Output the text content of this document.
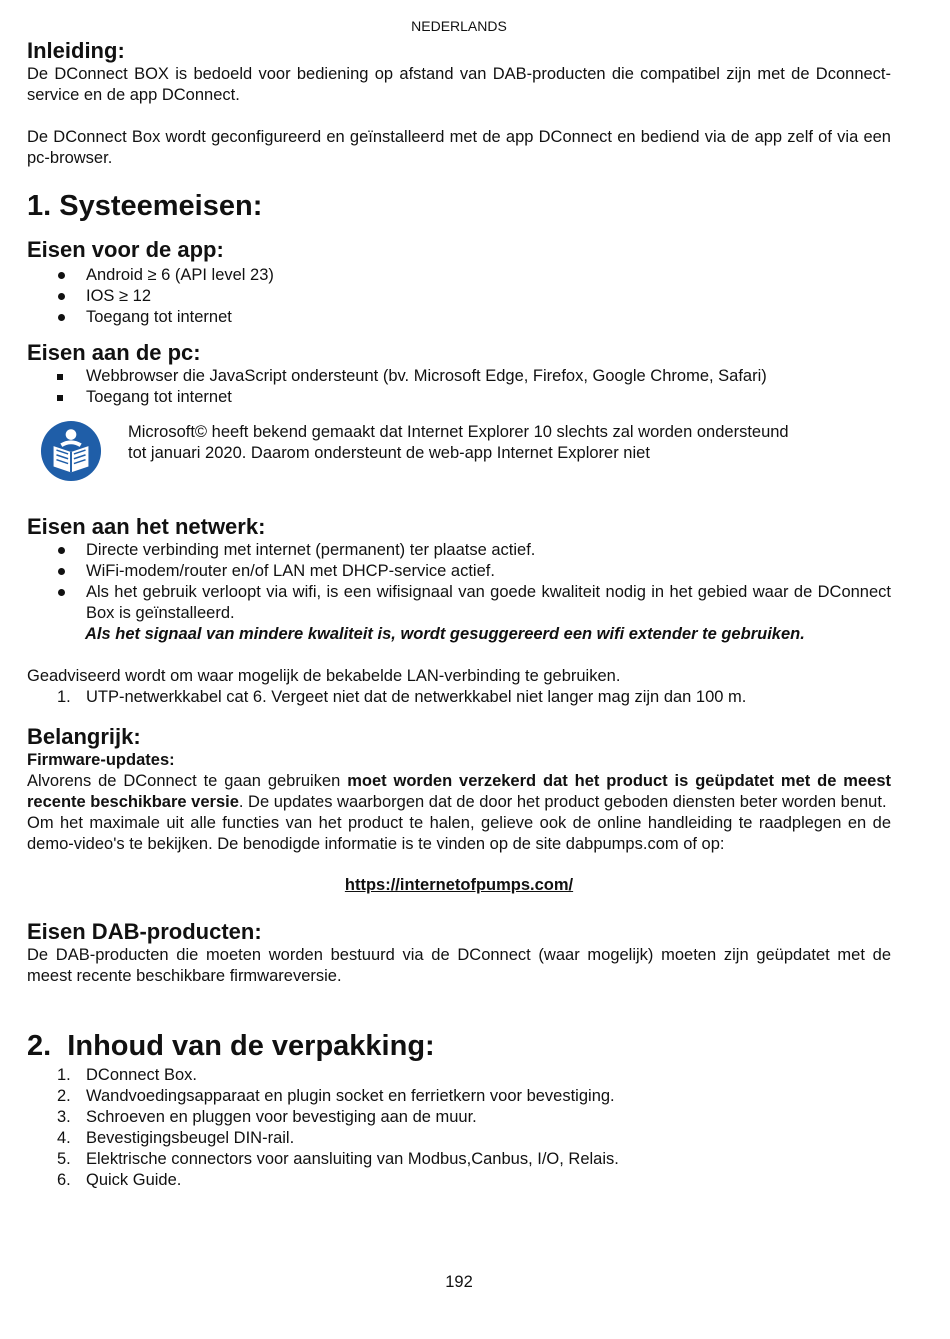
NEDERLANDS
Inleiding:

De DConnect BOX is bedoeld voor bediening op afstand van DAB-producten die compatibel zijn met de Dconnect-service en de app DConnect.

De DConnect Box wordt geconfigureerd en geïnstalleerd met de app DConnect en bediend via de app zelf of via een pc-browser.

1. Systeemeisen:
Eisen voor de app:
Android ≥ 6 (API level 23)
IOS ≥ 12
Toegang tot internet
Eisen aan de pc:
Webbrowser die JavaScript ondersteunt (bv. Microsoft Edge, Firefox, Google Chrome, Safari)
Toegang tot internet
Microsoft© heeft bekend gemaakt dat Internet Explorer 10 slechts zal worden ondersteund
tot januari 2020. Daarom ondersteunt de web-app Internet Explorer niet
Eisen aan het netwerk:
Directe verbinding met internet (permanent) ter plaatse actief.
WiFi-modem/router en/of LAN met DHCP-service actief.
Als het gebruik verloopt via wifi, is een wifisignaal van goede kwaliteit nodig in het gebied waar de DConnect Box is geïnstalleerd.
Als het signaal van mindere kwaliteit is, wordt gesuggereerd een wifi extender te gebruiken.

Geadviseerd wordt om waar mogelijk de bekabelde LAN-verbinding te gebruiken.

1. UTP-netwerkkabel cat 6. Vergeet niet dat de netwerkkabel niet langer mag zijn dan 100 m.
Belangrijk:
Firmware-updates:

Alvorens de DConnect te gaan gebruiken moet worden verzekerd dat het product is geüpdatet met de meest recente beschikbare versie. De updates waarborgen dat de door het product geboden diensten beter worden benut.

Om het maximale uit alle functies van het product te halen, gelieve ook de online handleiding te raadplegen en de demo-video's te bekijken. De benodigde informatie is te vinden op de site dabpumps.com of op:

https://internetofpumps.com/
Eisen DAB-producten:

De DAB-producten die moeten worden bestuurd via de DConnect (waar mogelijk) moeten zijn geüpdatet met de meest recente beschikbare firmwareversie.

2.  Inhoud van de verpakking:
1. DConnect Box.
2. Wandvoedingsapparaat en plugin socket en ferrietkern voor bevestiging.
3. Schroeven en pluggen voor bevestiging aan de muur.
4. Bevestigingsbeugel DIN-rail.
5. Elektrische connectors voor aansluiting van Modbus,Canbus, I/O, Relais.
6. Quick Guide.
192
